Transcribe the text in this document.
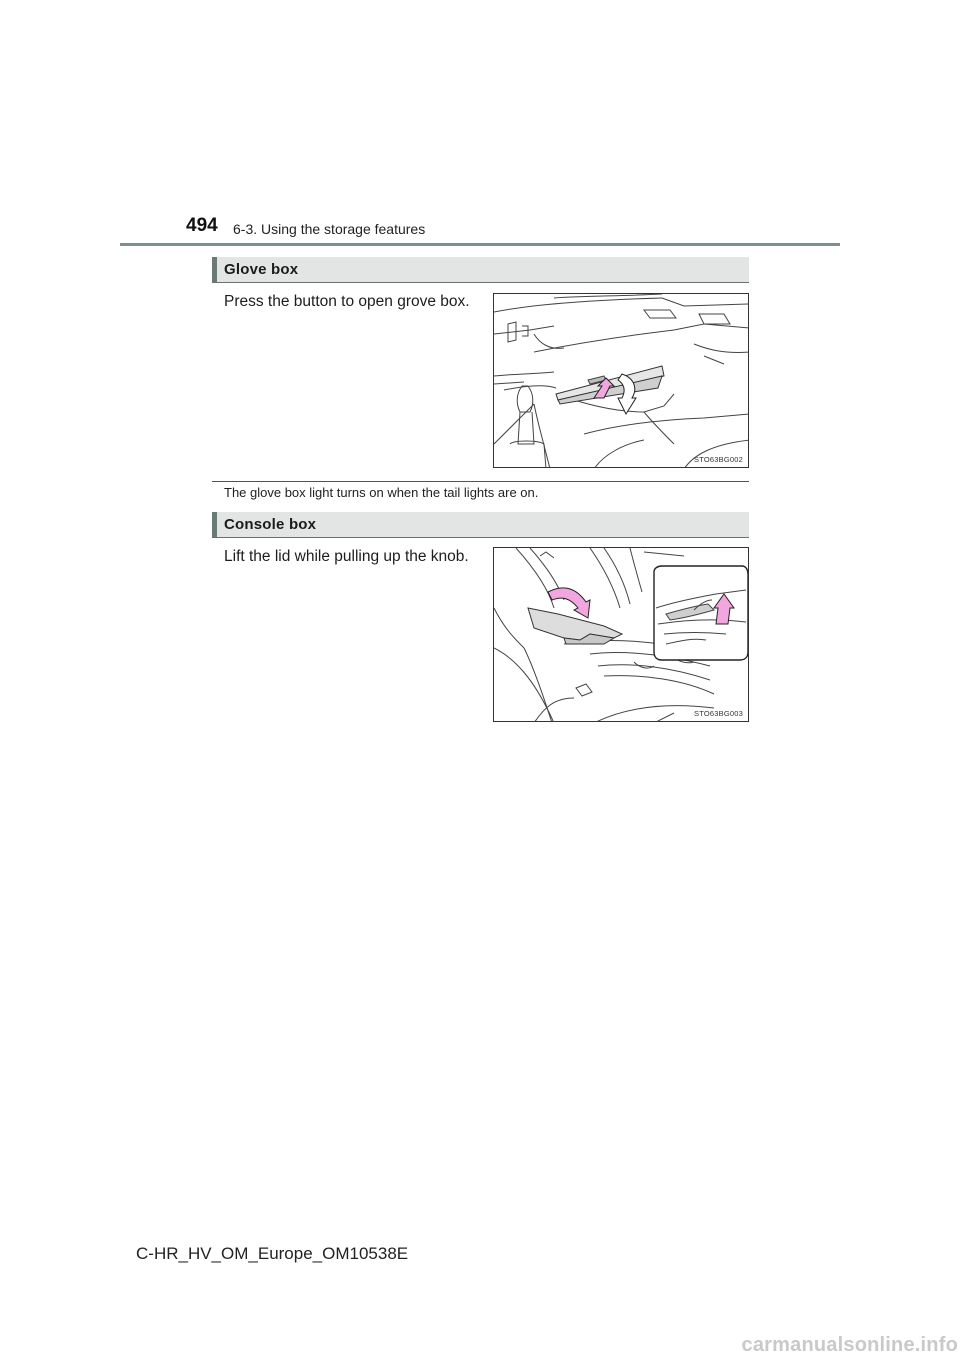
494 6-3. Using the storage features
Glove box
Press the button to open grove box.
STO63BG002
The glove box light turns on when the tail lights are on.
Console box
Lift the lid while pulling up the knob.
STO63BG003
C-HR_HV_OM_Europe_OM10538E
carmanualsonline.info
